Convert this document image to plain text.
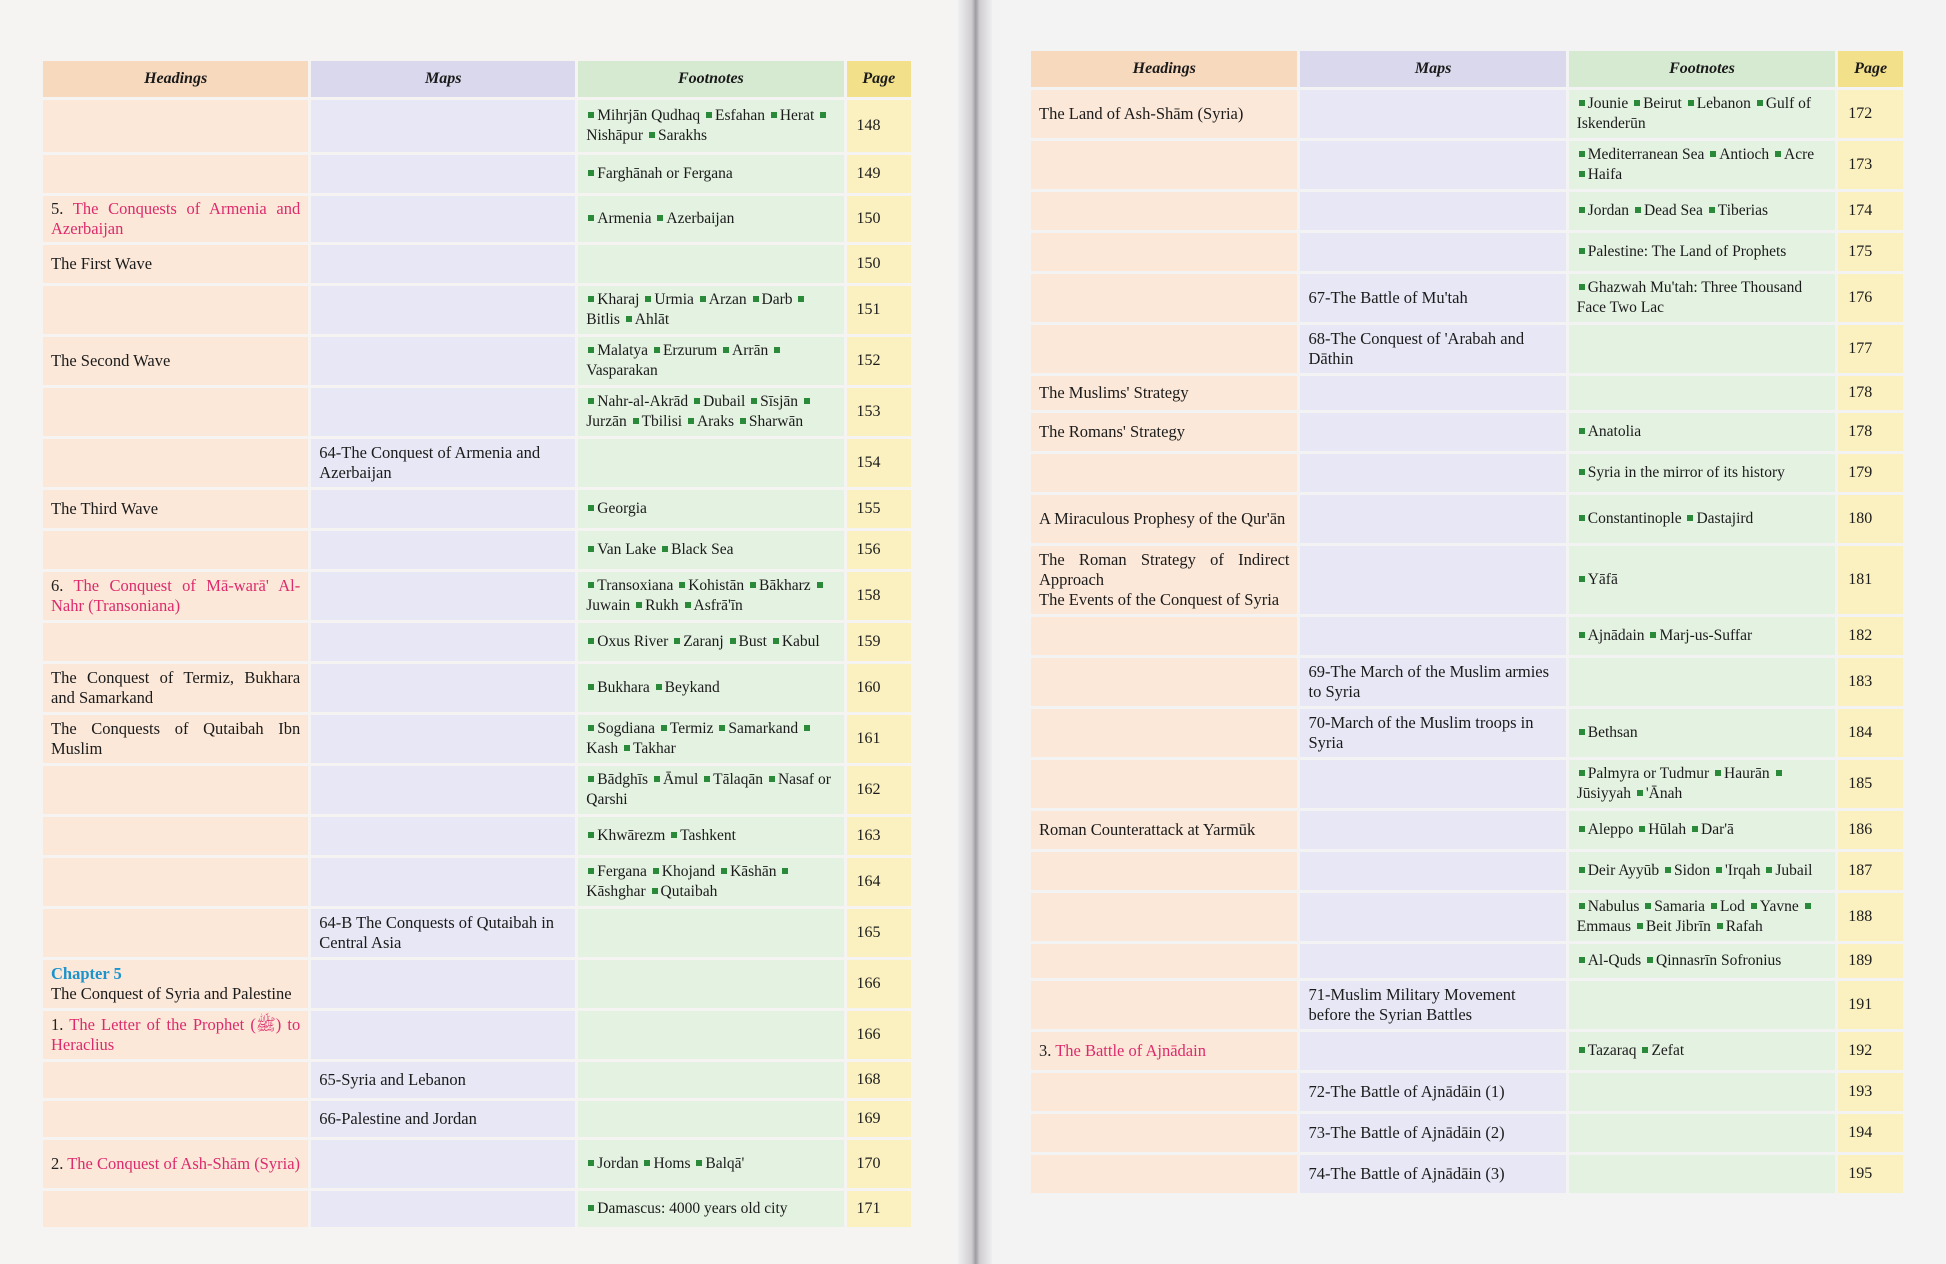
Headings	Maps	Footnotes	Page
		Mihrjān Qudhaq Esfahan Herat Nishāpur Sarakhs	148
		Farghānah or Fergana	149
5. The Conquests of Armenia and Azerbaijan		Armenia Azerbaijan	150
The First Wave			150
		Kharaj Urmia Arzan Darb Bitlis Ahlāt	151
The Second Wave		Malatya Erzurum Arrān Vasparakan	152
		Nahr-al-Akrād Dubail Sīsjān Jurzān Tbilisi Araks Sharwān	153
	64-The Conquest of Armenia and Azerbaijan		154
The Third Wave		Georgia	155
		Van Lake Black Sea	156
6. The Conquest of Mā-warā' Al-Nahr (Transoniana)		Transoxiana Kohistān Bākharz Juwain Rukh Asfrā'īn	158
		Oxus River Zaranj Bust Kabul	159
The Conquest of Termiz, Bukhara and Samarkand		Bukhara Beykand	160
The Conquests of Qutaibah Ibn Muslim		Sogdiana Termiz Samarkand Kash Takhar	161
		Bādghīs Āmul Tālaqān Nasaf or Qarshi	162
		Khwārezm Tashkent	163
		Fergana Khojand Kāshān Kāshghar Qutaibah	164
	64-B The Conquests of Qutaibah in Central Asia		165

Chapter 5
The Conquest of Syria and Palestine			166
1. The Letter of the Prophet (ﷺ) to Heraclius			166
	65-Syria and Lebanon		168
	66-Palestine and Jordan		169
2. The Conquest of Ash-Shām (Syria)		Jordan Homs Balqā'	170
		Damascus: 4000 years old city	171
Headings	Maps	Footnotes	Page
The Land of Ash-Shām (Syria)		Jounie Beirut Lebanon Gulf of Iskenderūn	172
		Mediterranean Sea Antioch Acre Haifa	173
		Jordan Dead Sea Tiberias	174
		Palestine: The Land of Prophets	175
	67-The Battle of Mu'tah	Ghazwah Mu'tah: Three Thousand Face Two Lac	176
	68-The Conquest of 'Arabah and Dāthin		177
The Muslims' Strategy			178
The Romans' Strategy		Anatolia	178
		Syria in the mirror of its history	179
A Miraculous Prophesy of the Qur'ān		Constantinople Dastajird	180
The Roman Strategy of Indirect Approach
The Events of the Conquest of Syria		Yāfā	181
		Ajnādain Marj-us-Suffar	182
	69-The March of the Muslim armies to Syria		183
	70-March of the Muslim troops in Syria	Bethsan	184
		Palmyra or Tudmur Haurān Jūsiyyah 'Ānah	185
Roman Counterattack at Yarmūk		Aleppo Hūlah Dar'ā	186
		Deir Ayyūb Sidon 'Irqah Jubail	187
		Nabulus Samaria Lod Yavne Emmaus Beit Jibrīn Rafah	188
		Al-Quds Qinnasrīn Sofronius	189
	71-Muslim Military Movement before the Syrian Battles		191
3. The Battle of Ajnādain		Tazaraq Zefat	192
	72-The Battle of Ajnādāin (1)		193
	73-The Battle of Ajnādāin (2)		194
	74-The Battle of Ajnādāin (3)		195
